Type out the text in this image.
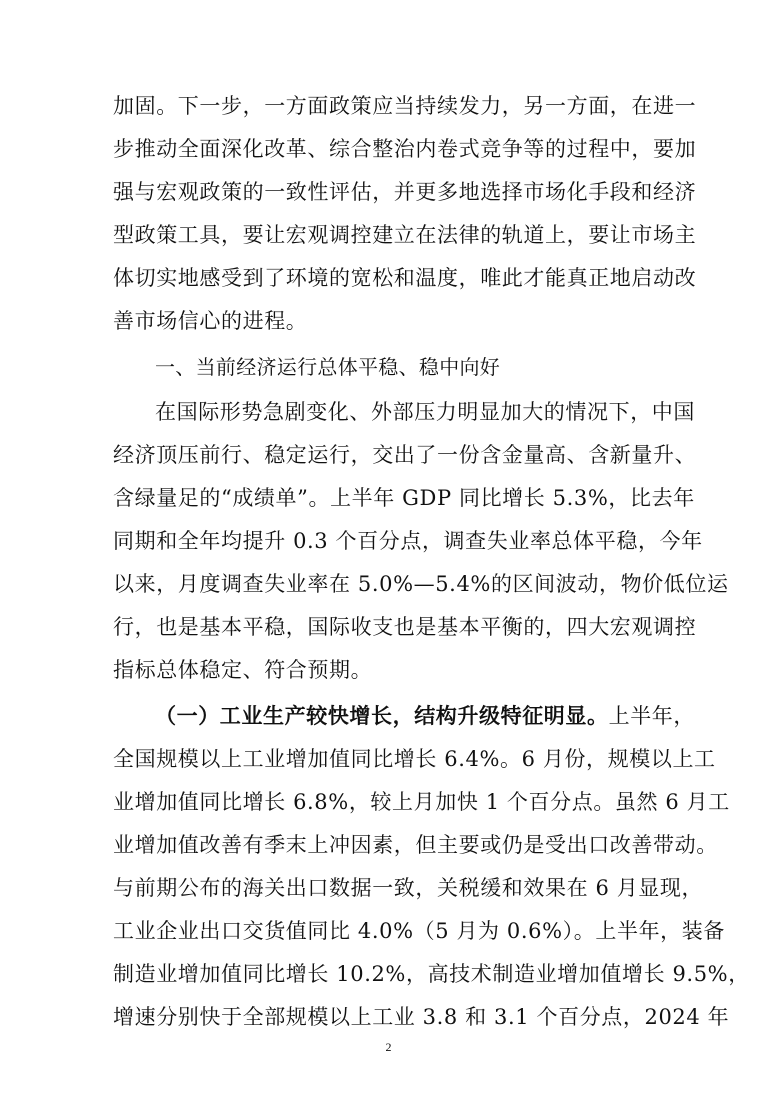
加固。下一步，一方面政策应当持续发力，另一方面，在进一
步推动全面深化改革、综合整治内卷式竞争等的过程中，要加
强与宏观政策的一致性评估，并更多地选择市场化手段和经济
型政策工具，要让宏观调控建立在法律的轨道上，要让市场主
体切实地感受到了环境的宽松和温度，唯此才能真正地启动改
善市场信心的进程。
一、当前经济运行总体平稳、稳中向好
在国际形势急剧变化、外部压力明显加大的情况下，中国
经济顶压前行、稳定运行，交出了一份含金量高、含新量升、
含绿量足的“成绩单”。上半年 GDP 同比增长 5.3%，比去年
同期和全年均提升 0.3 个百分点，调查失业率总体平稳，今年
以来，月度调查失业率在 5.0%—5.4%的区间波动，物价低位运
行，也是基本平稳，国际收支也是基本平衡的，四大宏观调控
指标总体稳定、符合预期。
（一）工业生产较快增长，结构升级特征明显。上半年，
全国规模以上工业增加值同比增长 6.4%。6 月份，规模以上工
业增加值同比增长 6.8%，较上月加快 1 个百分点。虽然 6 月工
业增加值改善有季末上冲因素，但主要或仍是受出口改善带动。
与前期公布的海关出口数据一致，关税缓和效果在 6 月显现，
工业企业出口交货值同比 4.0%（5 月为 0.6%）。上半年，装备
制造业增加值同比增长 10.2%，高技术制造业增加值增长 9.5%，
增速分别快于全部规模以上工业 3.8 和 3.1 个百分点，2024 年
2
